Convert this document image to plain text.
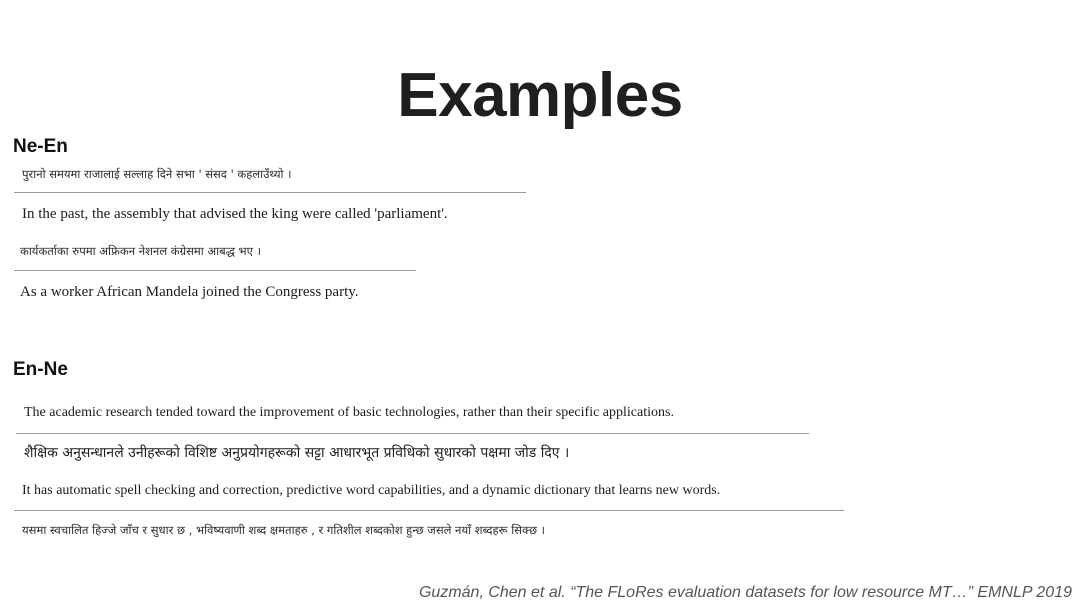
Examples
Ne-En
पुरानो समयमा राजालाई सल्लाह दिने सभा ' संसद ' कहलाउँथ्यो ।
In the past, the assembly that advised the king were called 'parliament'.
कार्यकर्ताका रुपमा अफ्रिकन नेशनल कंग्रेसमा आबद्ध भए ।
As a worker African Mandela joined the Congress party.
En-Ne
The academic research tended toward the improvement of basic technologies, rather than their specific applications.
शैक्षिक अनुसन्धानले उनीहरूको विशिष्ट अनुप्रयोगहरूको सट्टा आधारभूत प्रविधिको सुधारको पक्षमा जोड दिए ।
It has automatic spell checking and correction, predictive word capabilities, and a dynamic dictionary that learns new words.
यसमा स्वचालित हिज्जे जाँच र सुधार छ , भविष्यवाणी शब्द क्षमताहरु , र गतिशील शब्दकोश हुन्छ जसले नयाँ शब्दहरू सिक्छ ।
Guzmán, Chen et al. “The FLoRes evaluation datasets for low resource MT…” EMNLP 2019
